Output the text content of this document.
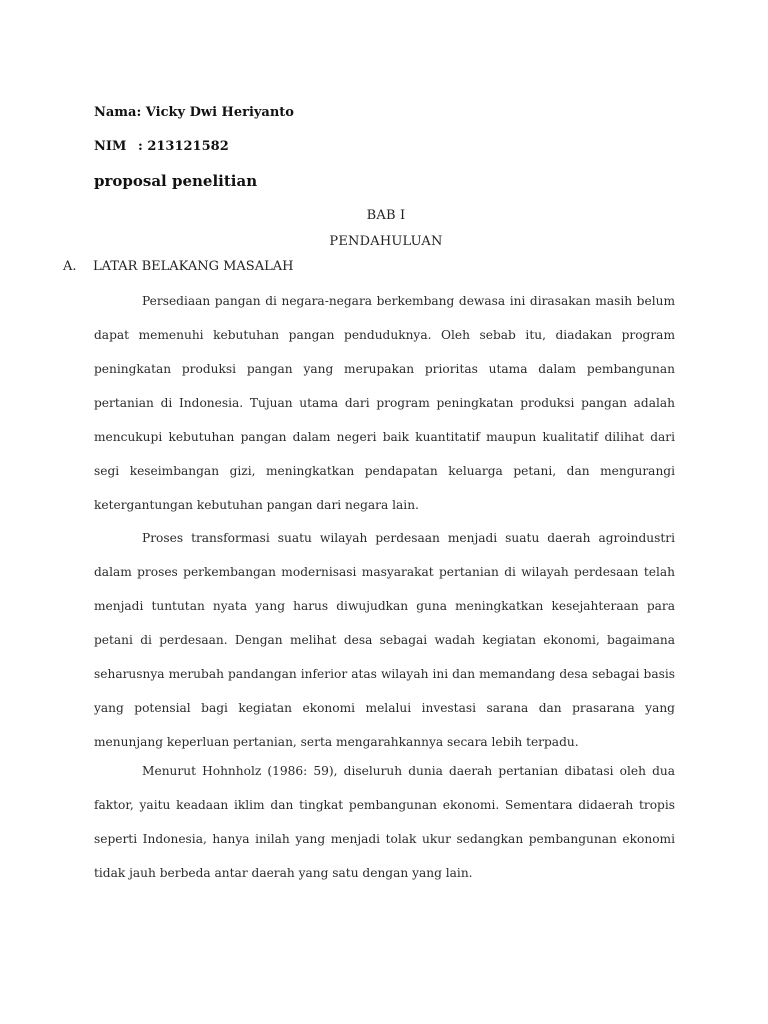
Nama: Vicky Dwi Heriyanto
NIM : 213121582
proposal penelitian
BAB I
PENDAHULUAN
A. LATAR BELAKANG MASALAH

Persediaan pangan di negara-negara berkembang dewasa ini dirasakan masih belum dapat memenuhi kebutuhan pangan penduduknya. Oleh sebab itu, diadakan program peningkatan produksi pangan yang merupakan prioritas utama dalam pembangunan pertanian di Indonesia. Tujuan utama dari program peningkatan produksi pangan adalah mencukupi kebutuhan pangan dalam negeri baik kuantitatif maupun kualitatif dilihat dari segi keseimbangan gizi, meningkatkan pendapatan keluarga petani, dan mengurangi ketergantungan kebutuhan pangan dari negara lain.

Proses transformasi suatu wilayah perdesaan menjadi suatu daerah agroindustri dalam proses perkembangan modernisasi masyarakat pertanian di wilayah perdesaan telah menjadi tuntutan nyata yang harus diwujudkan guna meningkatkan kesejahteraan para petani di perdesaan. Dengan melihat desa sebagai wadah kegiatan ekonomi, bagaimana seharusnya merubah pandangan inferior atas wilayah ini dan memandang desa sebagai basis yang potensial bagi kegiatan ekonomi melalui investasi sarana dan prasarana yang menunjang keperluan pertanian, serta mengarahkannya secara lebih terpadu.

Menurut Hohnholz (1986: 59), diseluruh dunia daerah pertanian dibatasi oleh dua faktor, yaitu keadaan iklim dan tingkat pembangunan ekonomi. Sementara didaerah tropis seperti Indonesia, hanya inilah yang menjadi tolak ukur sedangkan pembangunan ekonomi tidak jauh berbeda antar daerah yang satu dengan yang lain.
